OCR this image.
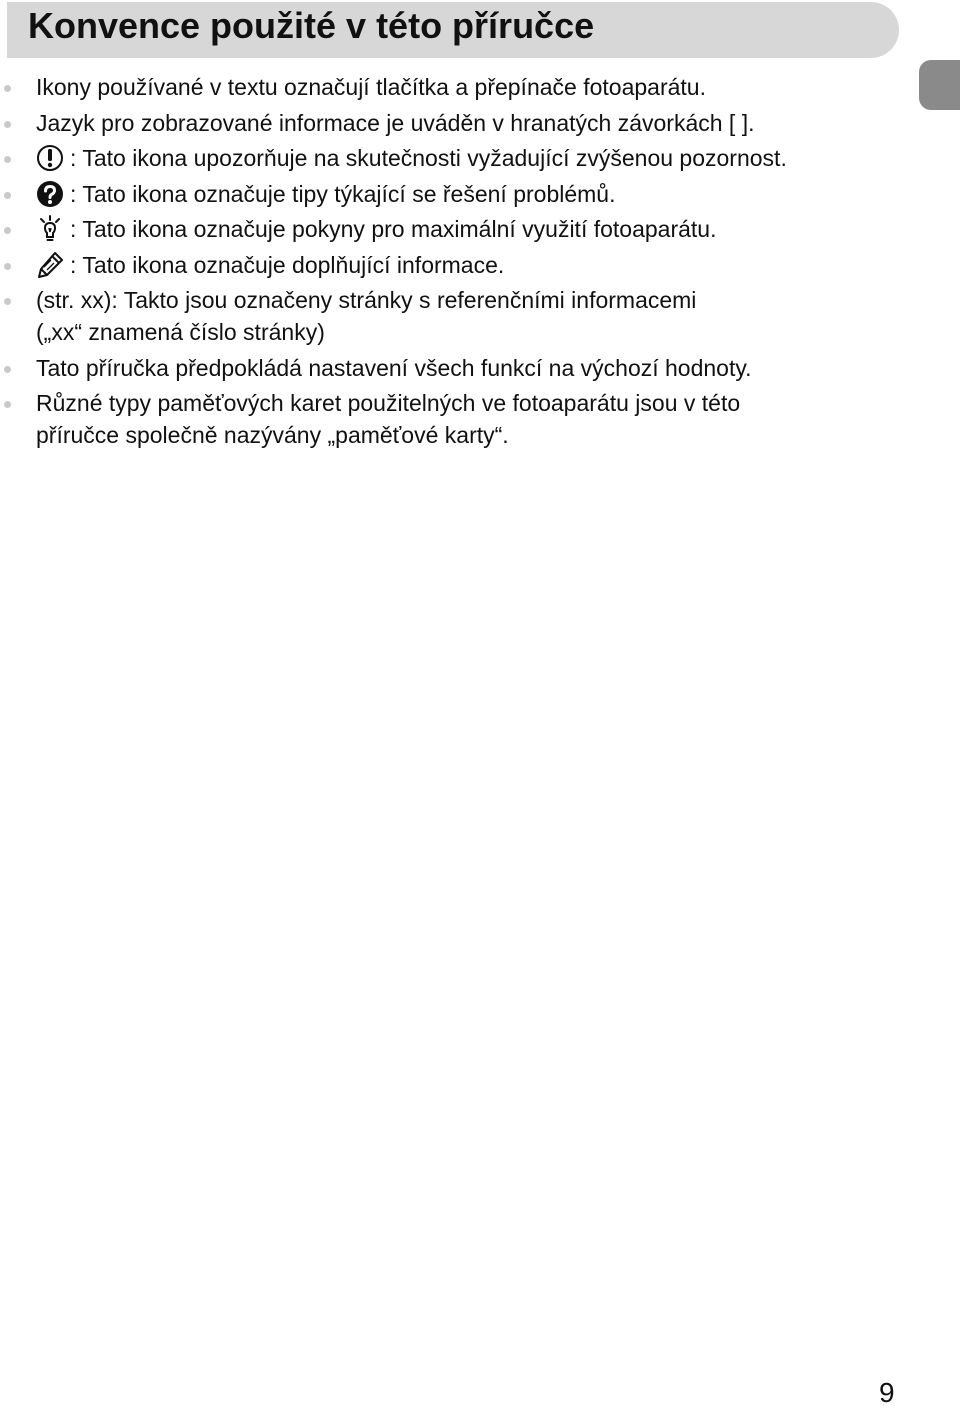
Konvence použité v této příručce
Ikony používané v textu označují tlačítka a přepínače fotoaparátu.
Jazyk pro zobrazované informace je uváděn v hranatých závorkách [ ].
: Tato ikona upozorňuje na skutečnosti vyžadující zvýšenou pozornost.
: Tato ikona označuje tipy týkající se řešení problémů.
: Tato ikona označuje pokyny pro maximální využití fotoaparátu.
: Tato ikona označuje doplňující informace.
(str. xx): Takto jsou označeny stránky s referenčními informacemi
(„xx“ znamená číslo stránky)
Tato příručka předpokládá nastavení všech funkcí na výchozí hodnoty.
Různé typy paměťových karet použitelných ve fotoaparátu jsou v této
příručce společně nazývány „paměťové karty“.
9
